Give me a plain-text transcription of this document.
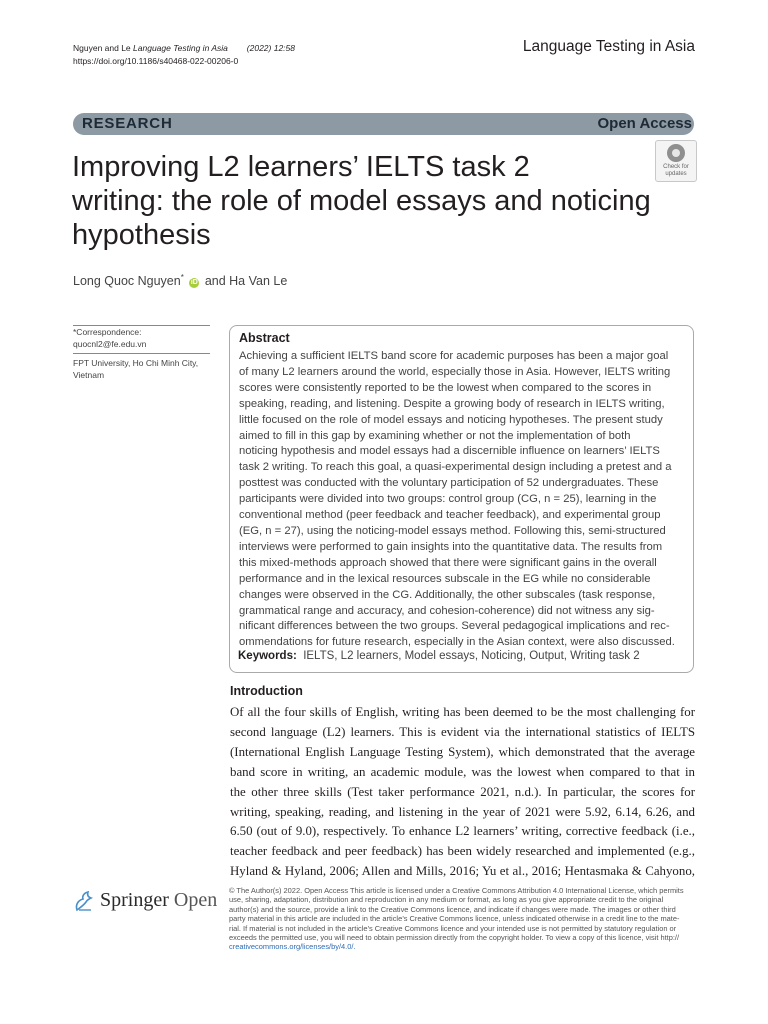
Nguyen and Le Language Testing in Asia (2022) 12:58
https://doi.org/10.1186/s40468-022-00206-0
Language Testing in Asia
RESEARCH	Open Access
Improving L2 learners’ IELTS task 2
writing: the role of model essays and noticing
hypothesis
Check for
updates
Long Quoc Nguyen* iD and Ha Van Le
*Correspondence:
quocnl2@fe.edu.vn
FPT University, Ho Chi Minh City,
Vietnam
Abstract
Achieving a sufficient IELTS band score for academic purposes has been a major goal
of many L2 learners around the world, especially those in Asia. However, IELTS writing
scores were consistently reported to be the lowest when compared to the scores in
speaking, reading, and listening. Despite a growing body of research in IELTS writing,
little focused on the role of model essays and noticing hypotheses. The present study
aimed to fill in this gap by examining whether or not the implementation of both
noticing hypothesis and model essays had a discernible influence on learners’ IELTS
task 2 writing. To reach this goal, a quasi-experimental design including a pretest and a
posttest was conducted with the voluntary participation of 52 undergraduates. These
participants were divided into two groups: control group (CG, n = 25), learning in the
conventional method (peer feedback and teacher feedback), and experimental group
(EG, n = 27), using the noticing-model essays method. Following this, semi-structured
interviews were performed to gain insights into the quantitative data. The results from
this mixed-methods approach showed that there were significant gains in the overall
performance and in the lexical resources subscale in the EG while no considerable
changes were observed in the CG. Additionally, the other subscales (task response,
grammatical range and accuracy, and cohesion-coherence) did not witness any sig-
nificant differences between the two groups. Several pedagogical implications and rec-
ommendations for future research, especially in the Asian context, were also discussed.
Keywords: IELTS, L2 learners, Model essays, Noticing, Output, Writing task 2
Introduction
Of all the four skills of English, writing has been deemed to be the most challenging for
second language (L2) learners. This is evident via the international statistics of IELTS
(International English Language Testing System), which demonstrated that the average
band score in writing, an academic module, was the lowest when compared to that in
the other three skills (Test taker performance 2021, n.d.). In particular, the scores for
writing, speaking, reading, and listening in the year of 2021 were 5.92, 6.14, 6.26, and
6.50 (out of 9.0), respectively. To enhance L2 learners’ writing, corrective feedback (i.e.,
teacher feedback and peer feedback) has been widely researched and implemented (e.g.,
Hyland & Hyland, 2006; Allen and Mills, 2016; Yu et al., 2016; Hentasmaka & Cahyono,
Springer Open © The Author(s) 2022. Open Access This article is licensed under a Creative Commons Attribution 4.0 International License, which permits
use, sharing, adaptation, distribution and reproduction in any medium or format, as long as you give appropriate credit to the original
author(s) and the source, provide a link to the Creative Commons licence, and indicate if changes were made. The images or other third
party material in this article are included in the article’s Creative Commons licence, unless indicated otherwise in a credit line to the mate-
rial. If material is not included in the article’s Creative Commons licence and your intended use is not permitted by statutory regulation or
exceeds the permitted use, you will need to obtain permission directly from the copyright holder. To view a copy of this licence, visit http://
creativecommons.org/licenses/by/4.0/.
